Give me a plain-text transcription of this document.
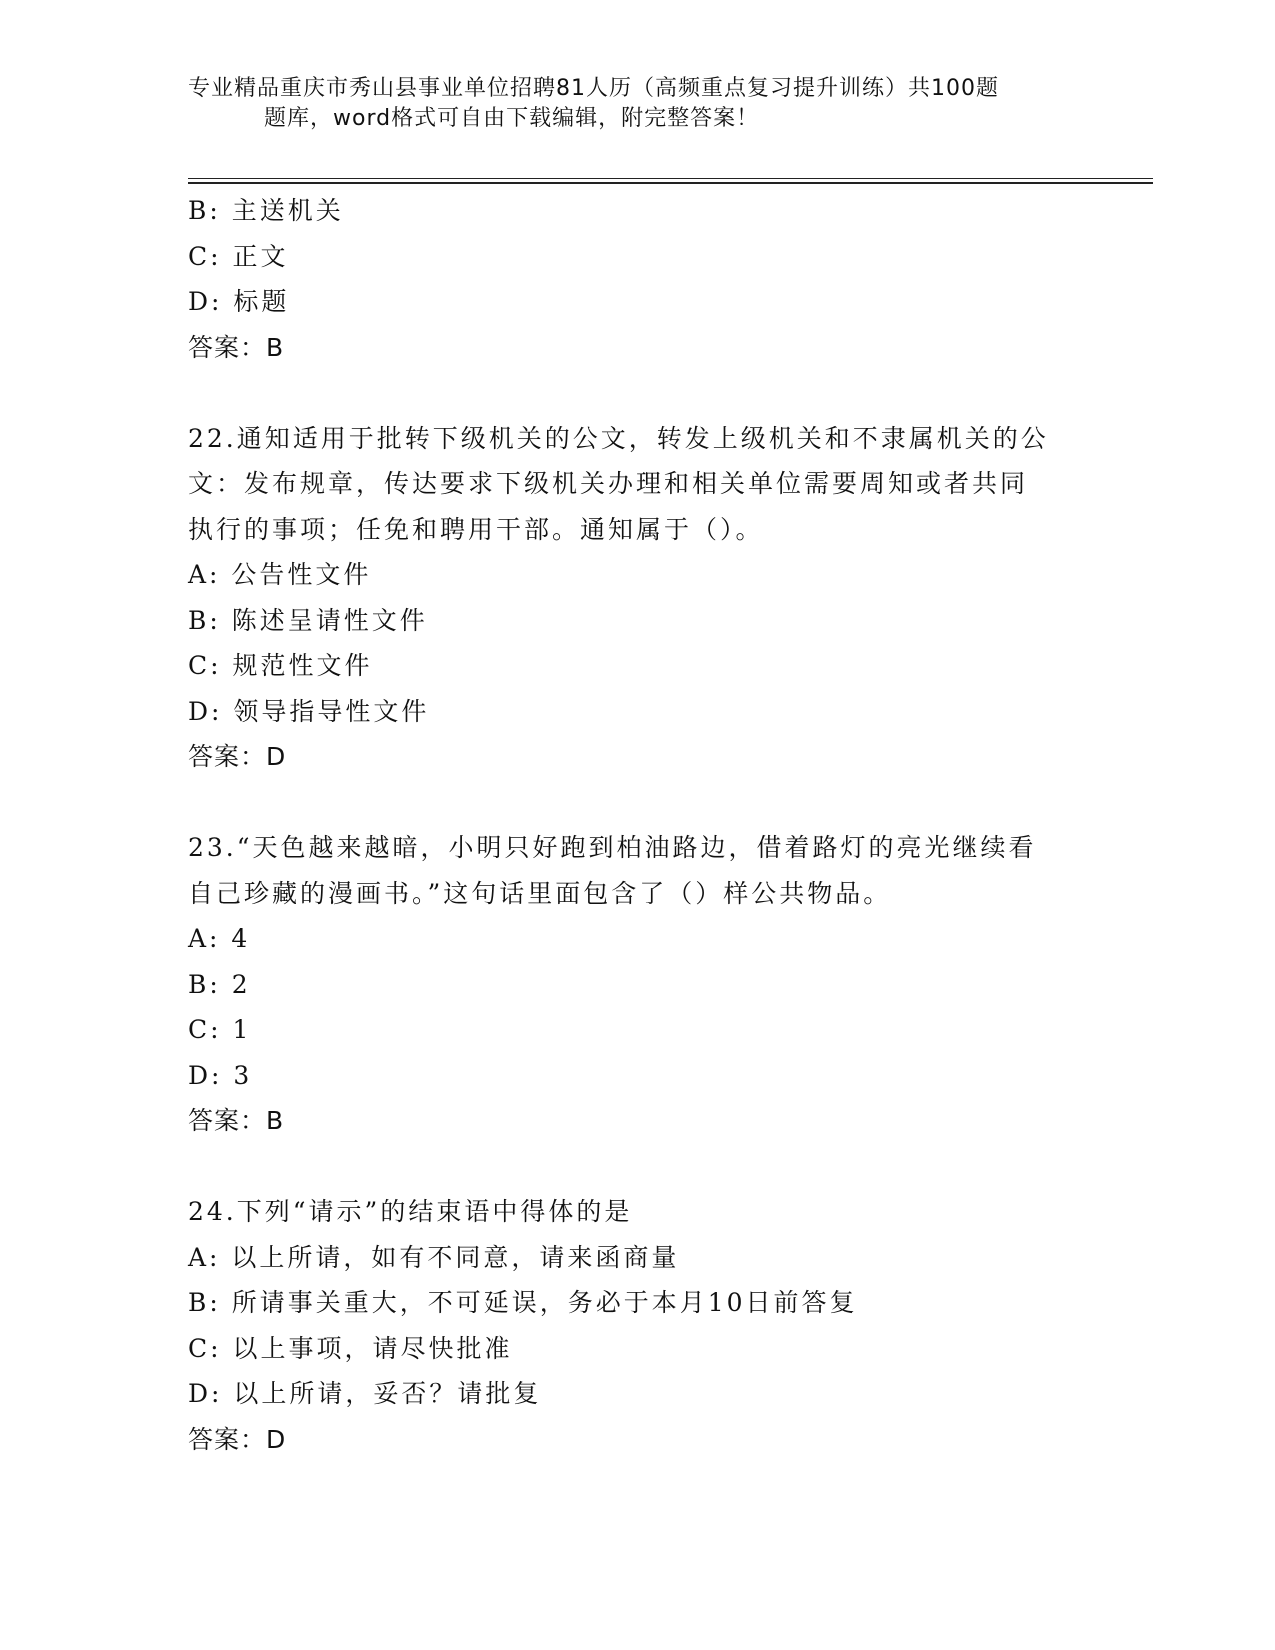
专业精品重庆市秀山县事业单位招聘81人历（高频重点复习提升训练）共100题
题库，word格式可自由下载编辑，附完整答案！
B: 主送机关
C: 正文
D: 标题
答案：B
22.通知适用于批转下级机关的公文，转发上级机关和不隶属机关的公
文：发布规章，传达要求下级机关办理和相关单位需要周知或者共同
执行的事项；任免和聘用干部。通知属于（）。
A: 公告性文件
B: 陈述呈请性文件
C: 规范性文件
D: 领导指导性文件
答案：D
23.“天色越来越暗，小明只好跑到柏油路边，借着路灯的亮光继续看
自己珍藏的漫画书。”这句话里面包含了（）样公共物品。
A: 4
B: 2
C: 1
D: 3
答案：B
24.下列“请示”的结束语中得体的是
A: 以上所请，如有不同意，请来函商量
B: 所请事关重大，不可延误，务必于本月10日前答复
C: 以上事项，请尽快批准
D: 以上所请，妥否？请批复
答案：D
